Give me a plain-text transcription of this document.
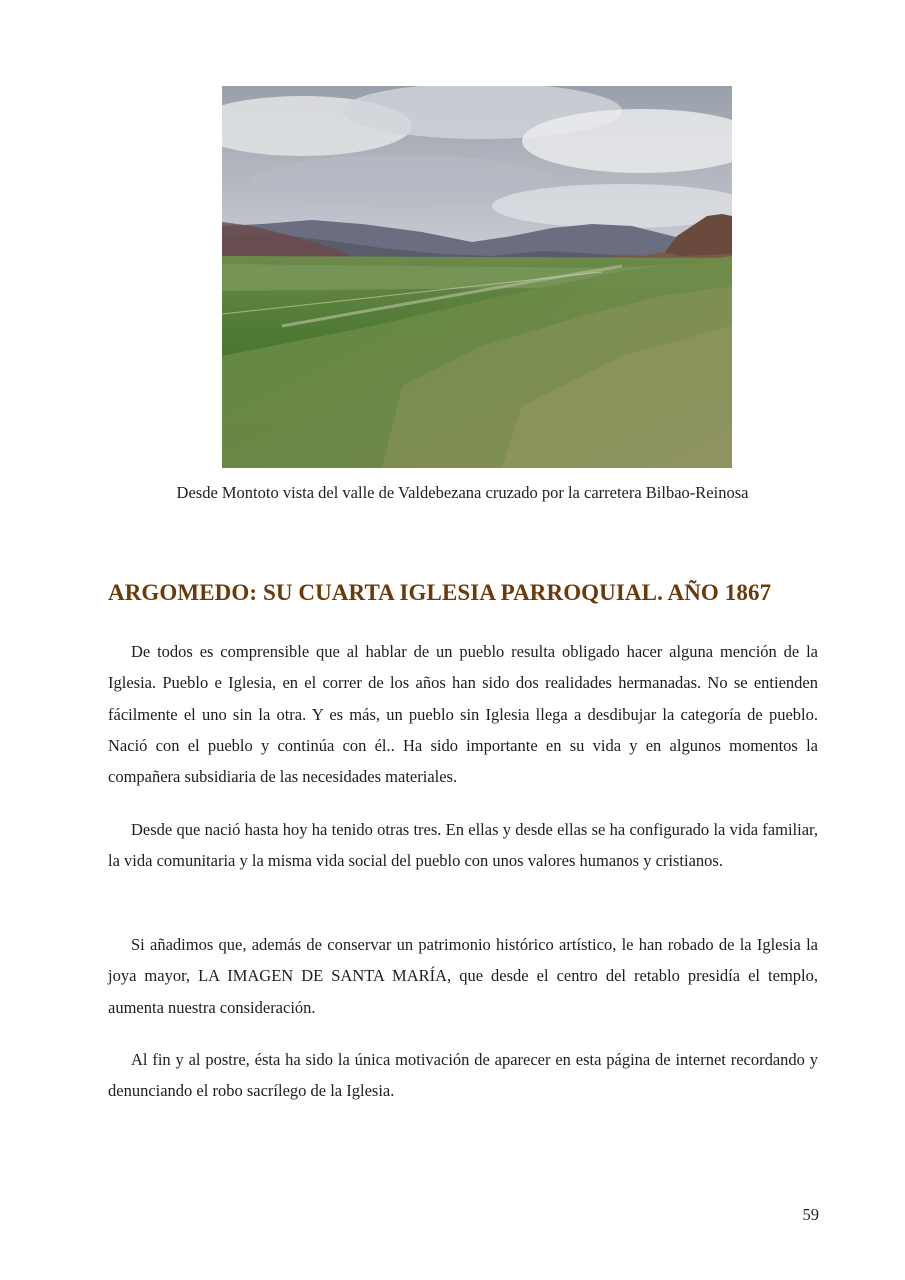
Desde Montoto vista del valle de Valdebezana cruzado por la carretera Bilbao-Reinosa
ARGOMEDO: SU CUARTA IGLESIA PARROQUIAL. AÑO 1867

De todos es comprensible que al hablar de un pueblo resulta obligado hacer alguna mención de la Iglesia. Pueblo e Iglesia, en el correr de los años han sido dos realidades hermanadas. No se entienden fácilmente el uno sin la otra. Y es más, un pueblo sin Iglesia llega a desdibujar la categoría de pueblo. Nació con el pueblo y continúa con él.. Ha sido importante en su vida y en algunos momentos la compañera subsidiaria de las necesidades materiales.

Desde que nació hasta hoy ha tenido otras tres. En ellas y desde ellas se ha configurado la vida familiar, la vida comunitaria y la misma vida social del pueblo con unos valores humanos y cristianos.

Si añadimos que, además de conservar un patrimonio histórico artístico, le han robado de la Iglesia la joya mayor, LA IMAGEN DE SANTA MARÍA, que desde el centro del retablo presidía el templo, aumenta nuestra consideración.

Al fin y al postre, ésta ha sido la única motivación de aparecer en esta página de internet recordando y denunciando el robo sacrílego de la Iglesia.

59
